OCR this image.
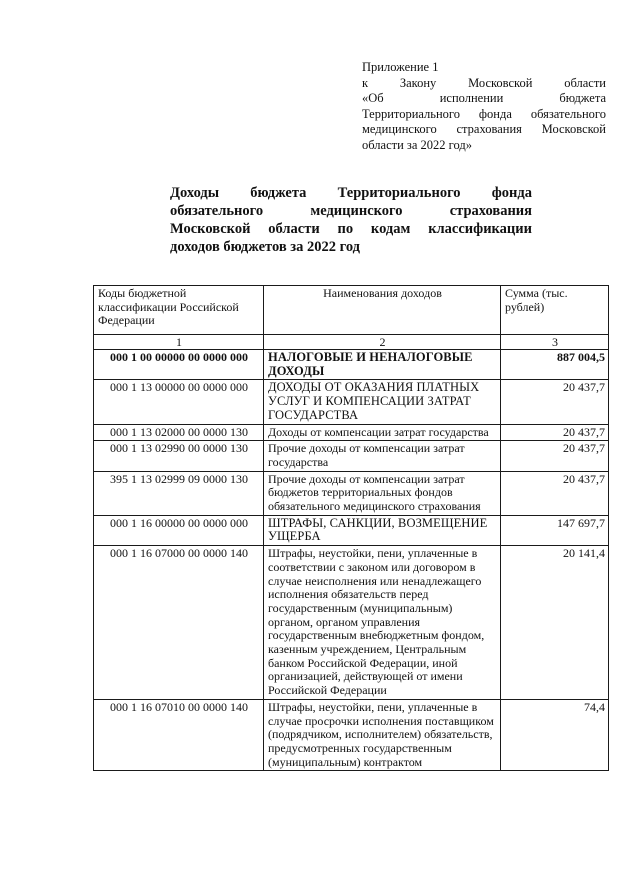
Приложение 1
к Закону Московской области
«Об исполнении бюджета
Территориального фонда обязательного
медицинского страхования Московской
области за 2022 год»
Доходы бюджета Территориального фонда
обязательного медицинского страхования
Московской области по кодам классификации
доходов бюджетов за 2022 год
Коды бюджетной классификации Российской Федерации	Наименования доходов	Сумма (тыс. рублей)
1	2	3
000 1 00 00000 00 0000 000	НАЛОГОВЫЕ И НЕНАЛОГОВЫЕ ДОХОДЫ	887 004,5
000 1 13 00000 00 0000 000	ДОХОДЫ ОТ ОКАЗАНИЯ ПЛАТНЫХ УСЛУГ И КОМПЕНСАЦИИ ЗАТРАТ ГОСУДАРСТВА	20 437,7
000 1 13 02000 00 0000 130	Доходы от компенсации затрат государства	20 437,7
000 1 13 02990 00 0000 130	Прочие доходы от компенсации затрат государства	20 437,7
395 1 13 02999 09 0000 130	Прочие доходы от компенсации затрат бюджетов территориальных фондов обязательного медицинского страхования	20 437,7
000 1 16 00000 00 0000 000	ШТРАФЫ, САНКЦИИ, ВОЗМЕЩЕНИЕ УЩЕРБА	147 697,7
000 1 16 07000 00 0000 140	Штрафы, неустойки, пени, уплаченные в соответствии с законом или договором в случае неисполнения или ненадлежащего исполнения обязательств перед государственным (муниципальным) органом, органом управления государственным внебюджетным фондом, казенным учреждением, Центральным банком Российской Федерации, иной организацией, действующей от имени Российской Федерации	20 141,4
000 1 16 07010 00 0000 140	Штрафы, неустойки, пени, уплаченные в случае просрочки исполнения поставщиком (подрядчиком, исполнителем) обязательств, предусмотренных государственным (муниципальным) контрактом	74,4
